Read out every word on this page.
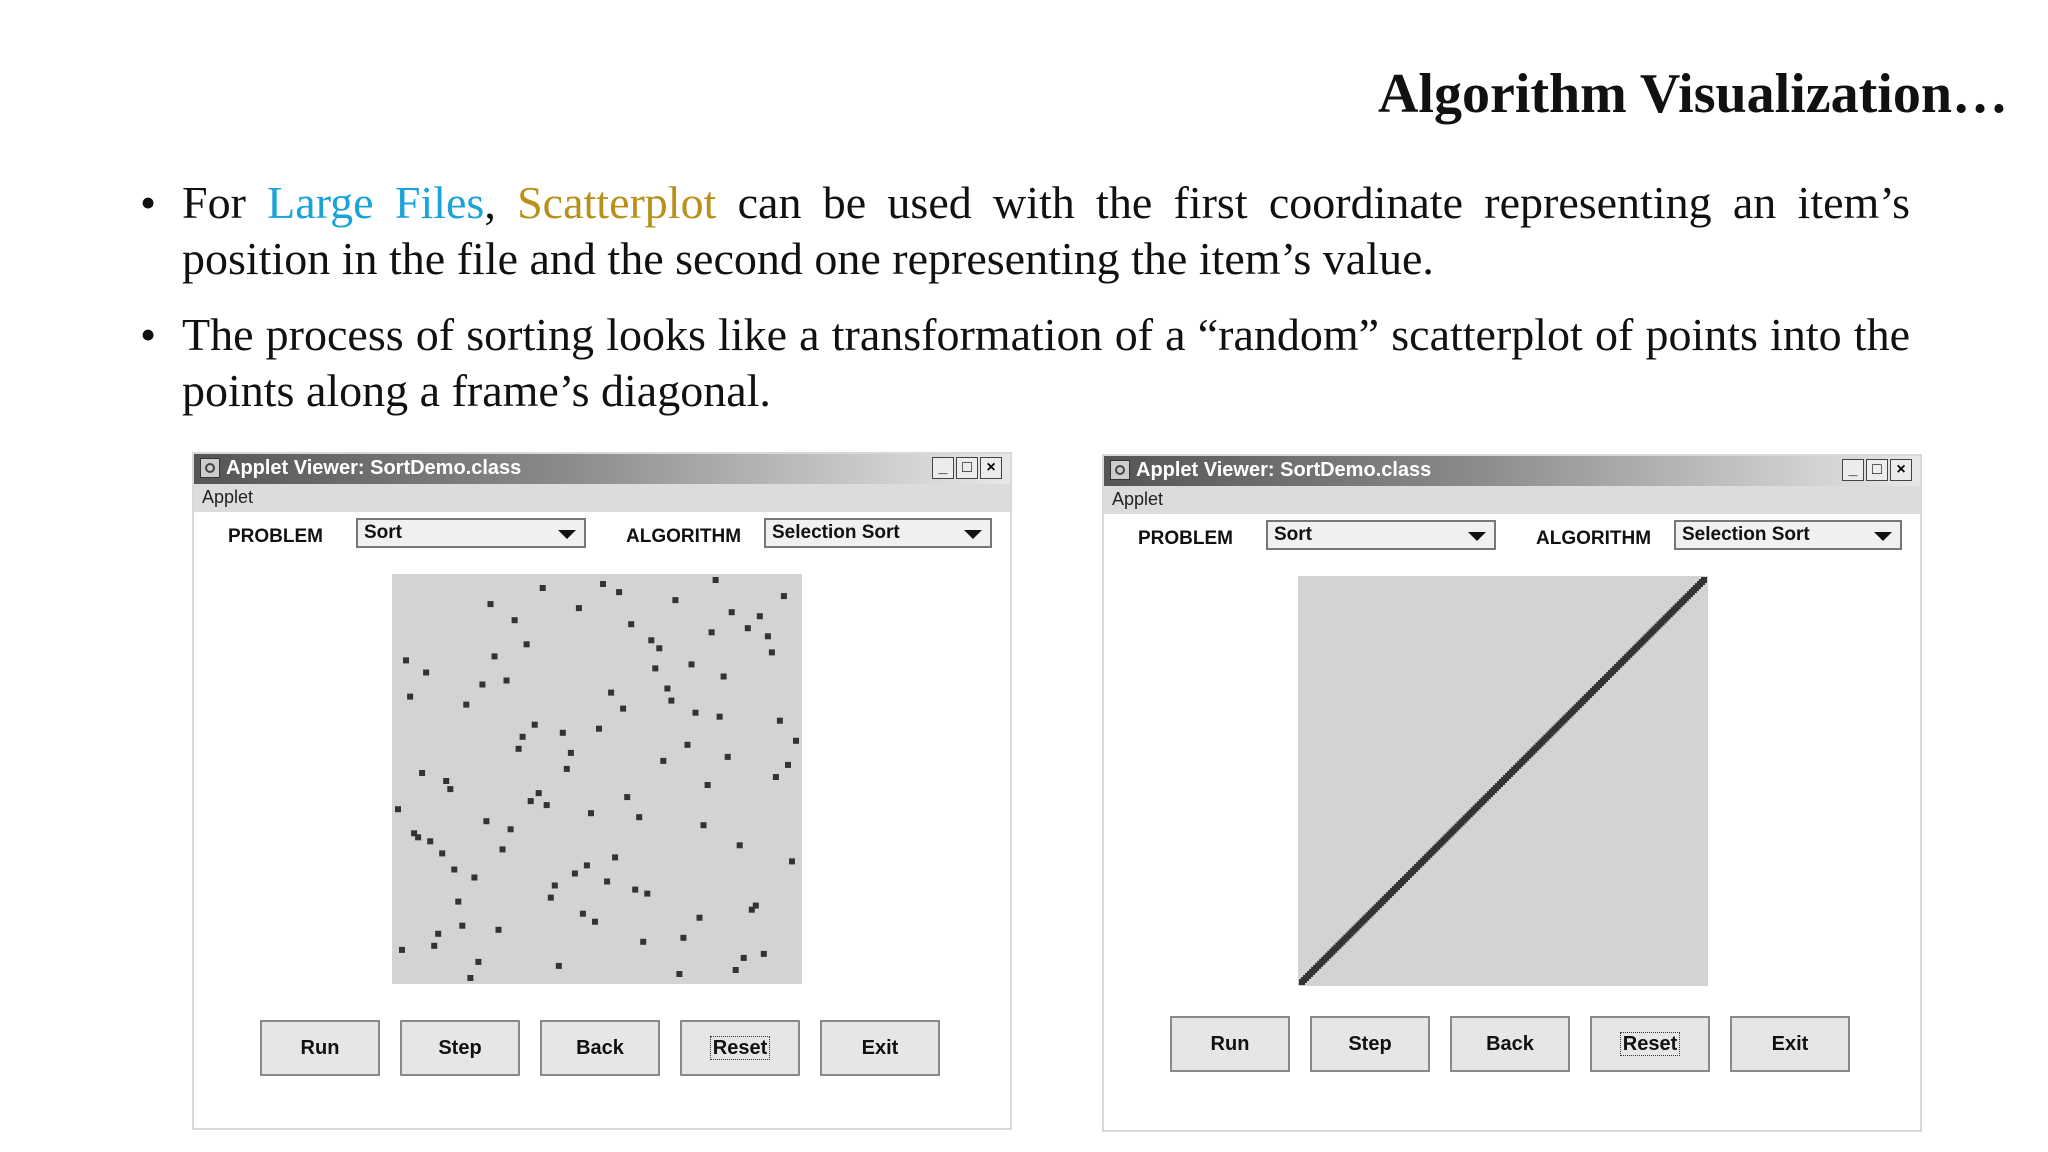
Algorithm Visualization…
• For Large Files, Scatterplot can be used with the first coordinate representing an item’s position in the file and the second one representing the item’s value.
• The process of sorting looks like a transformation of a “random” scatterplot of points into the points along a frame’s diagonal.
Applet Viewer: SortDemo.class	_ □ ×
Applet
PROBLEM Sort	ALGORITHM Selection Sort
Run	Step	Back	Reset	Exit
Applet Viewer: SortDemo.class	_ □ ×
Applet
PROBLEM Sort	ALGORITHM Selection Sort
Run	Step	Back	Reset	Exit
